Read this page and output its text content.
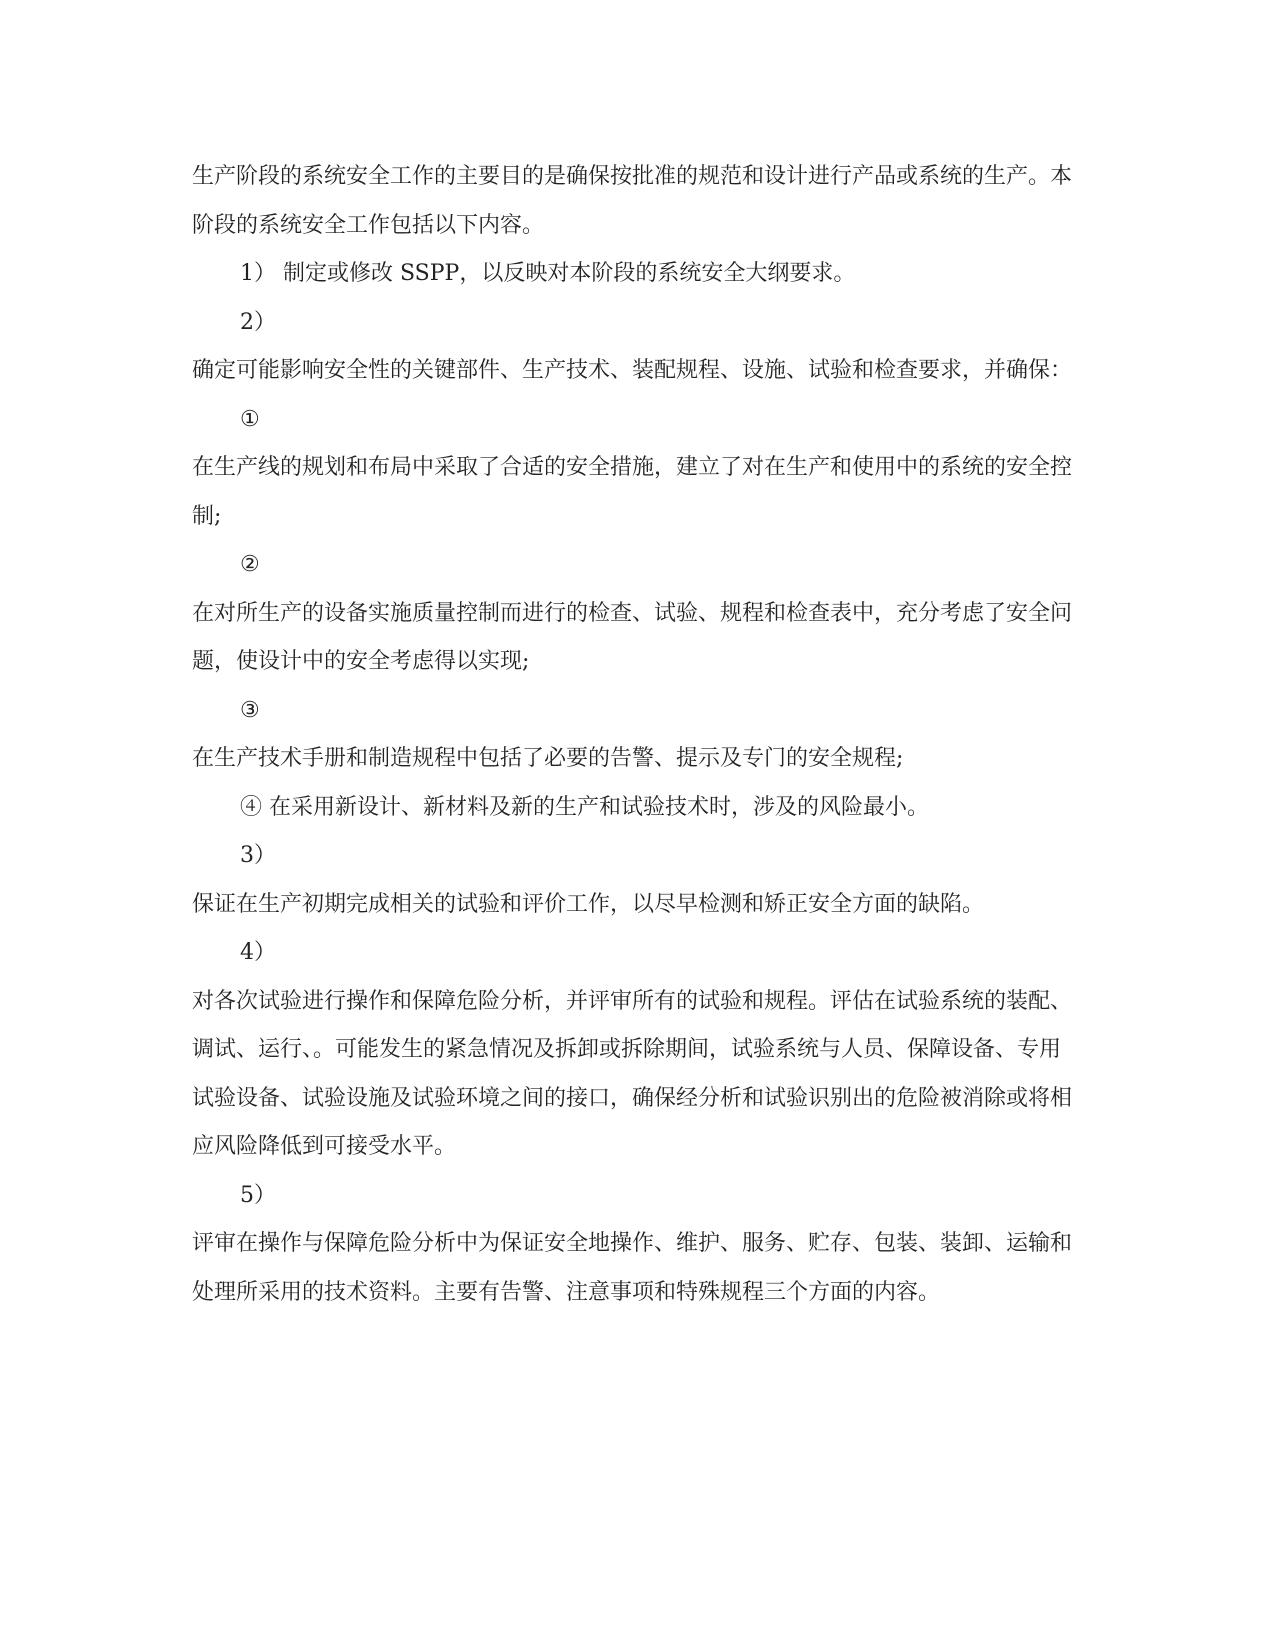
生产阶段的系统安全工作的主要目的是确保按批准的规范和设计进行产品或系统的生产。本阶段的系统安全工作包括以下内容。

1） 制定或修改 SSPP，以反映对本阶段的系统安全大纲要求。

2）

确定可能影响安全性的关键部件、生产技术、装配规程、设施、试验和检查要求，并确保：

①

在生产线的规划和布局中采取了合适的安全措施，建立了对在生产和使用中的系统的安全控制;

②

在对所生产的设备实施质量控制而进行的检查、试验、规程和检查表中，充分考虑了安全问题，使设计中的安全考虑得以实现;

③

在生产技术手册和制造规程中包括了必要的告警、提示及专门的安全规程;

④ 在采用新设计、新材料及新的生产和试验技术时，涉及的风险最小。

3）

保证在生产初期完成相关的试验和评价工作，以尽早检测和矫正安全方面的缺陷。

4）

对各次试验进行操作和保障危险分析，并评审所有的试验和规程。评估在试验系统的装配、调试、运行、。可能发生的紧急情况及拆卸或拆除期间，试验系统与人员、保障设备、专用试验设备、试验设施及试验环境之间的接口，确保经分析和试验识别出的危险被消除或将相应风险降低到可接受水平。

5）

评审在操作与保障危险分析中为保证安全地操作、维护、服务、贮存、包装、装卸、运输和处理所采用的技术资料。主要有告警、注意事项和特殊规程三个方面的内容。
